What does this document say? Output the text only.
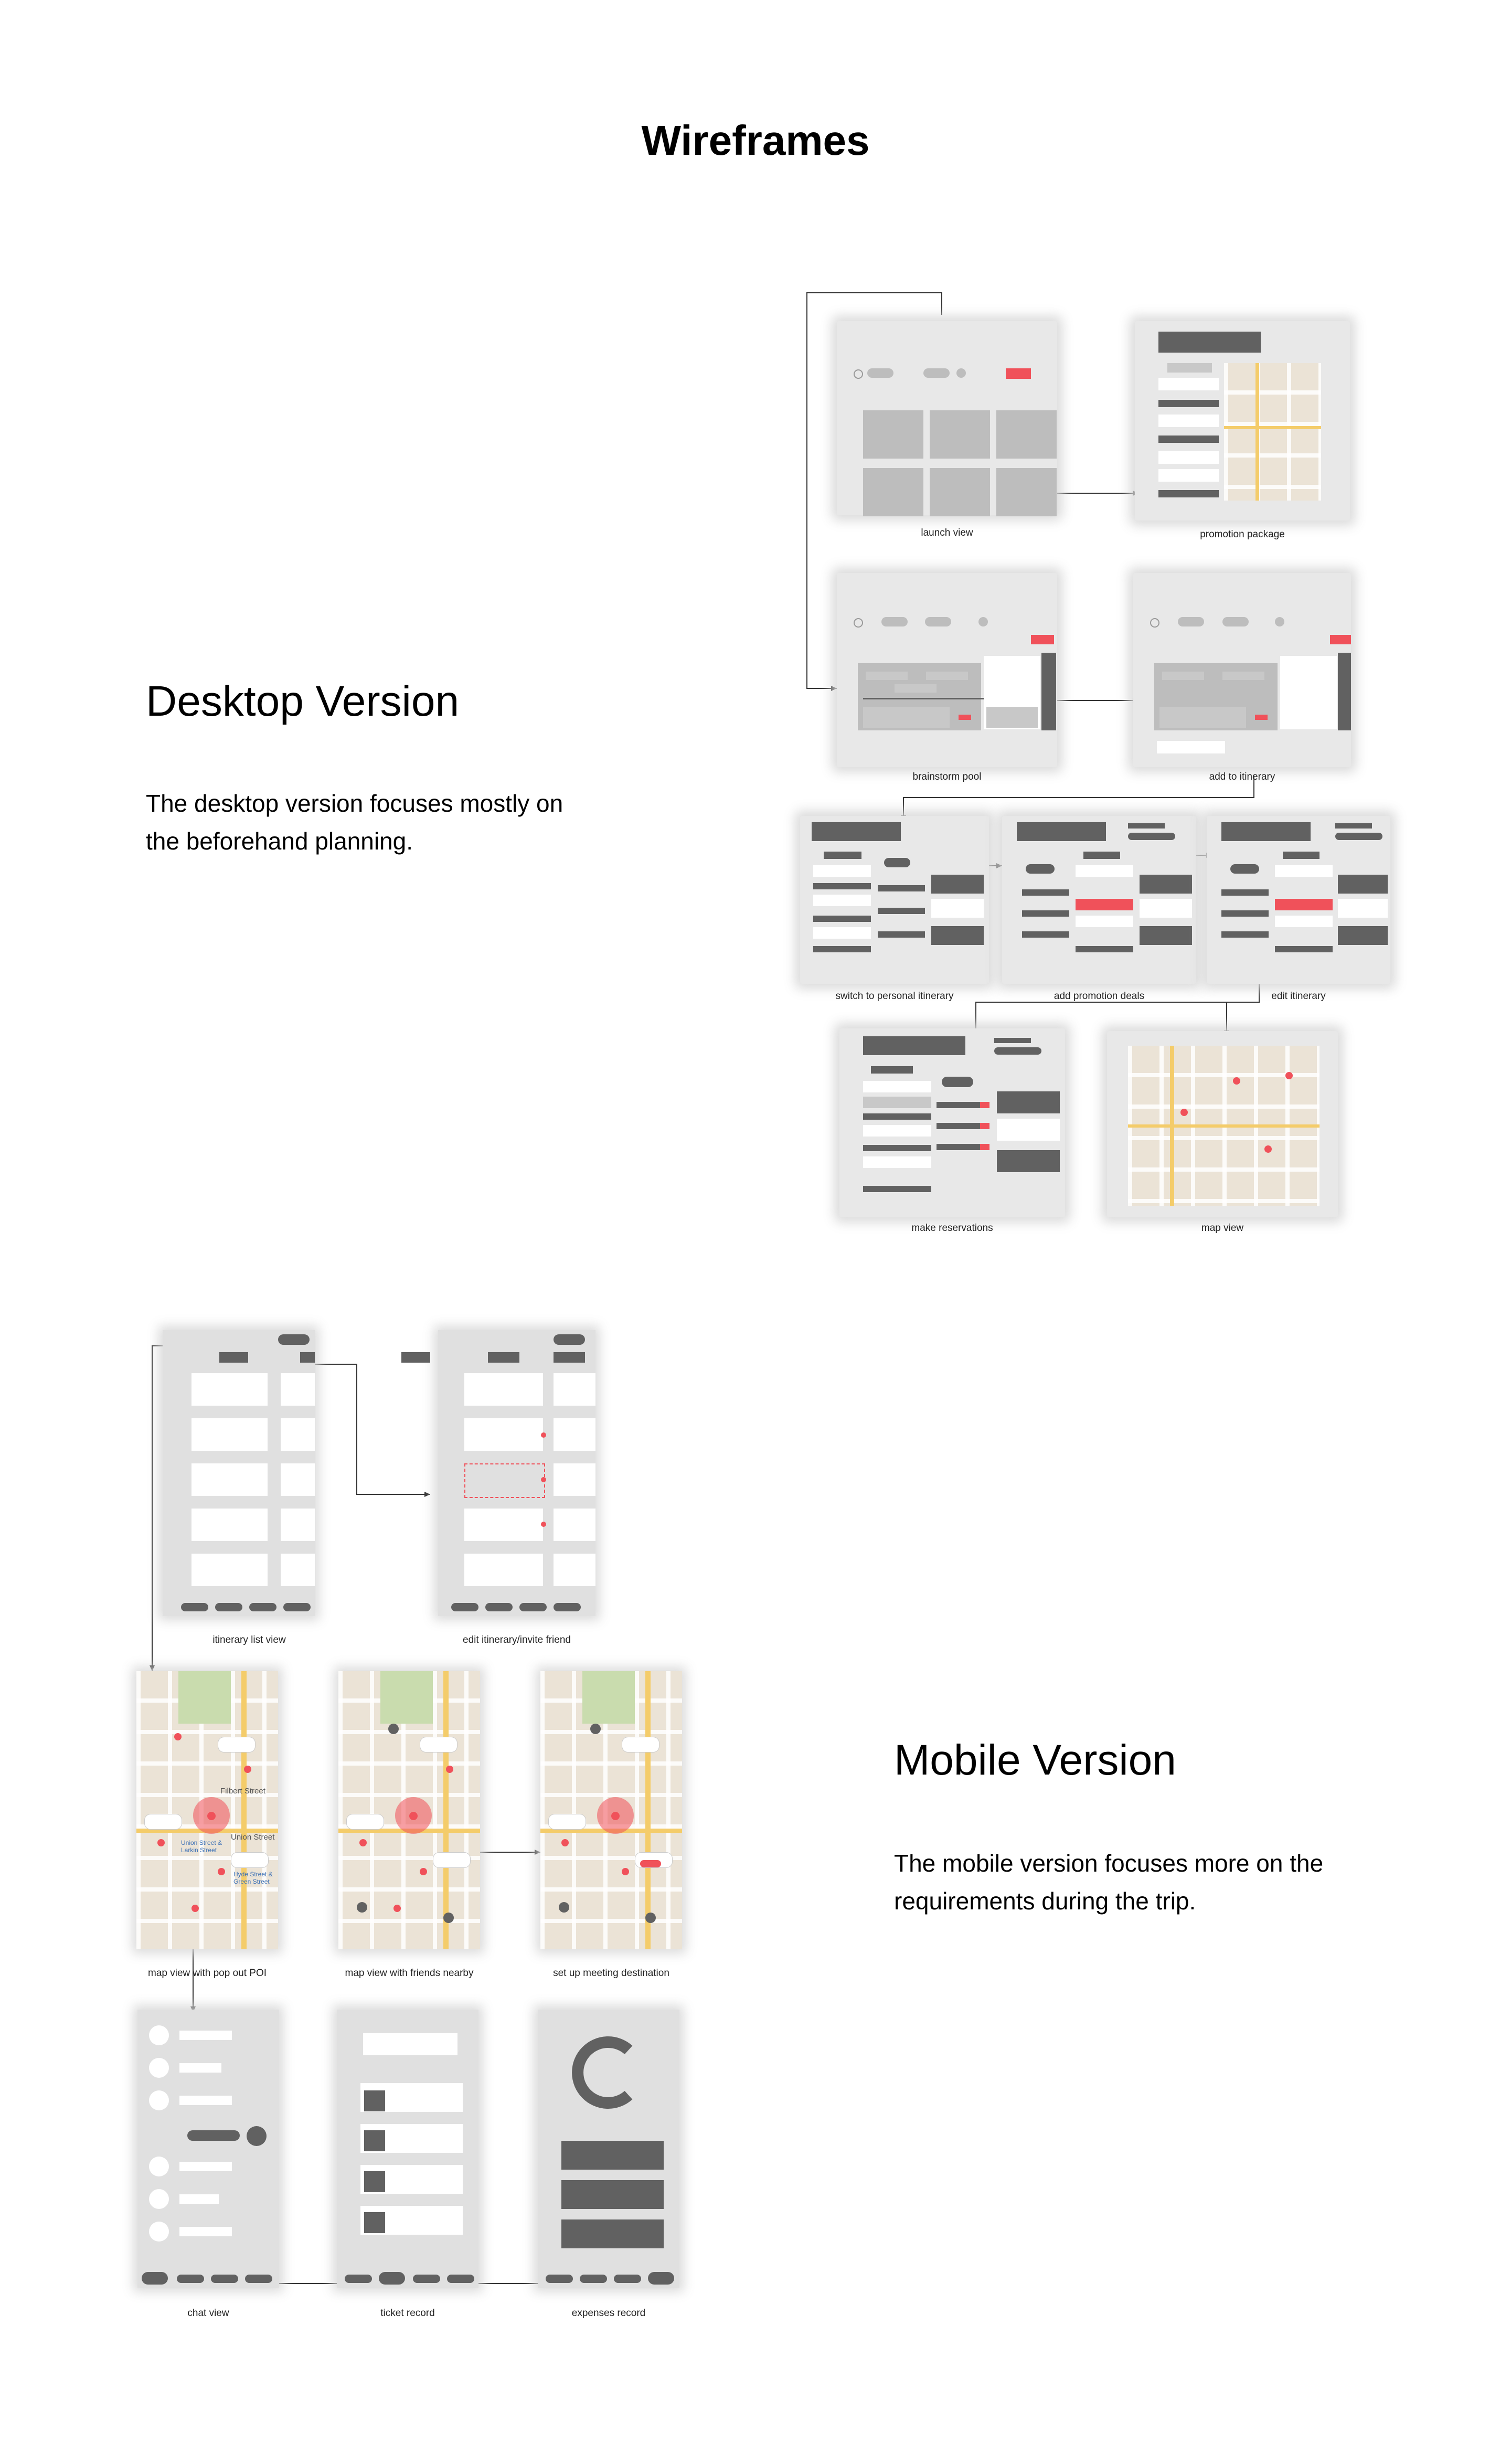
Wireframes
Desktop Version
The desktop version focuses mostly on the beforehand planning.
Mobile Version
The mobile version focuses more on the requirements during the trip.
launch view	promotion package
brainstorm pool	add to itinerary
switch to personal itinerary	add promotion deals	edit itinerary
make reservations	map view
itinerary list view	edit itinerary/invite friend
Filbert Street
Union Street
Union Street & Larkin Street
Hyde Street & Green Street
map view with pop out POI	map view with friends nearby	set up meeting destination
chat view	ticket record	expenses record
